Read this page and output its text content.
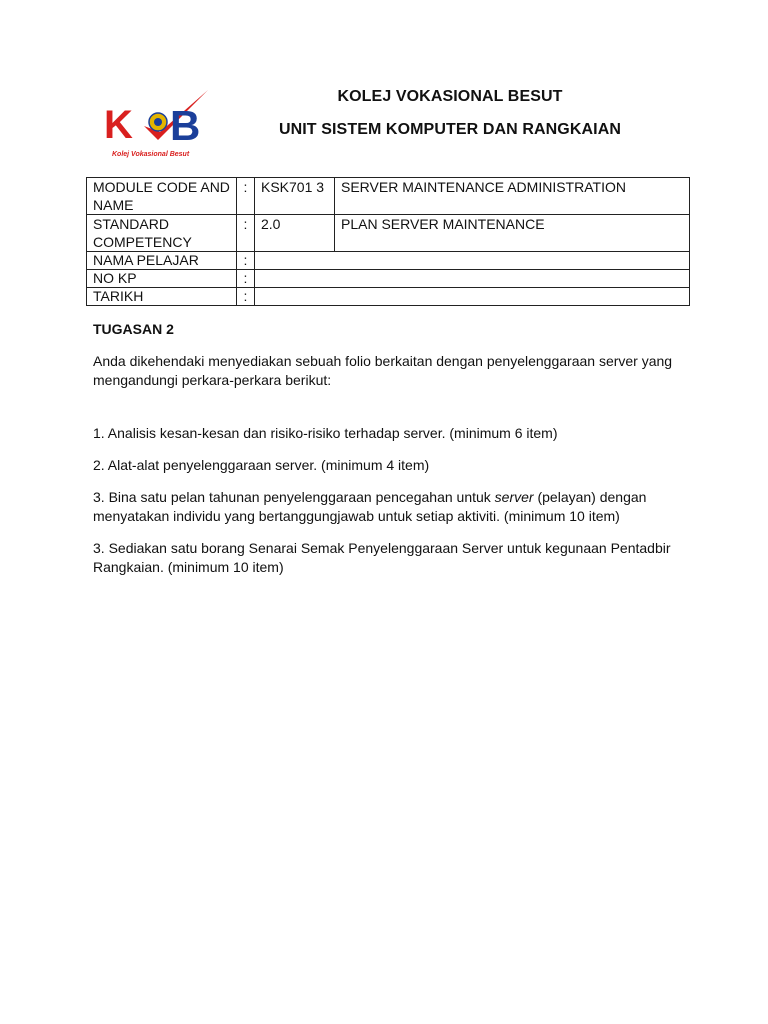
K B
Kolej Vokasional Besut
KOLEJ VOKASIONAL BESUT
UNIT SISTEM KOMPUTER DAN RANGKAIAN
MODULE CODE AND NAME	:	KSK701 3	SERVER MAINTENANCE ADMINISTRATION
STANDARD COMPETENCY	:	2.0	PLAN SERVER MAINTENANCE
NAMA PELAJAR	:		
NO KP	:		
TARIKH	:		

TUGASAN 2

Anda dikehendaki menyediakan sebuah folio berkaitan dengan penyelenggaraan server yang mengandungi perkara-perkara berikut:

1. Analisis kesan-kesan dan risiko-risiko terhadap server. (minimum 6 item)

2. Alat-alat penyelenggaraan server. (minimum 4 item)

3. Bina satu pelan tahunan penyelenggaraan pencegahan untuk server (pelayan) dengan menyatakan individu yang bertanggungjawab untuk setiap aktiviti. (minimum 10 item)

3. Sediakan satu borang Senarai Semak Penyelenggaraan Server untuk kegunaan Pentadbir Rangkaian. (minimum 10 item)
